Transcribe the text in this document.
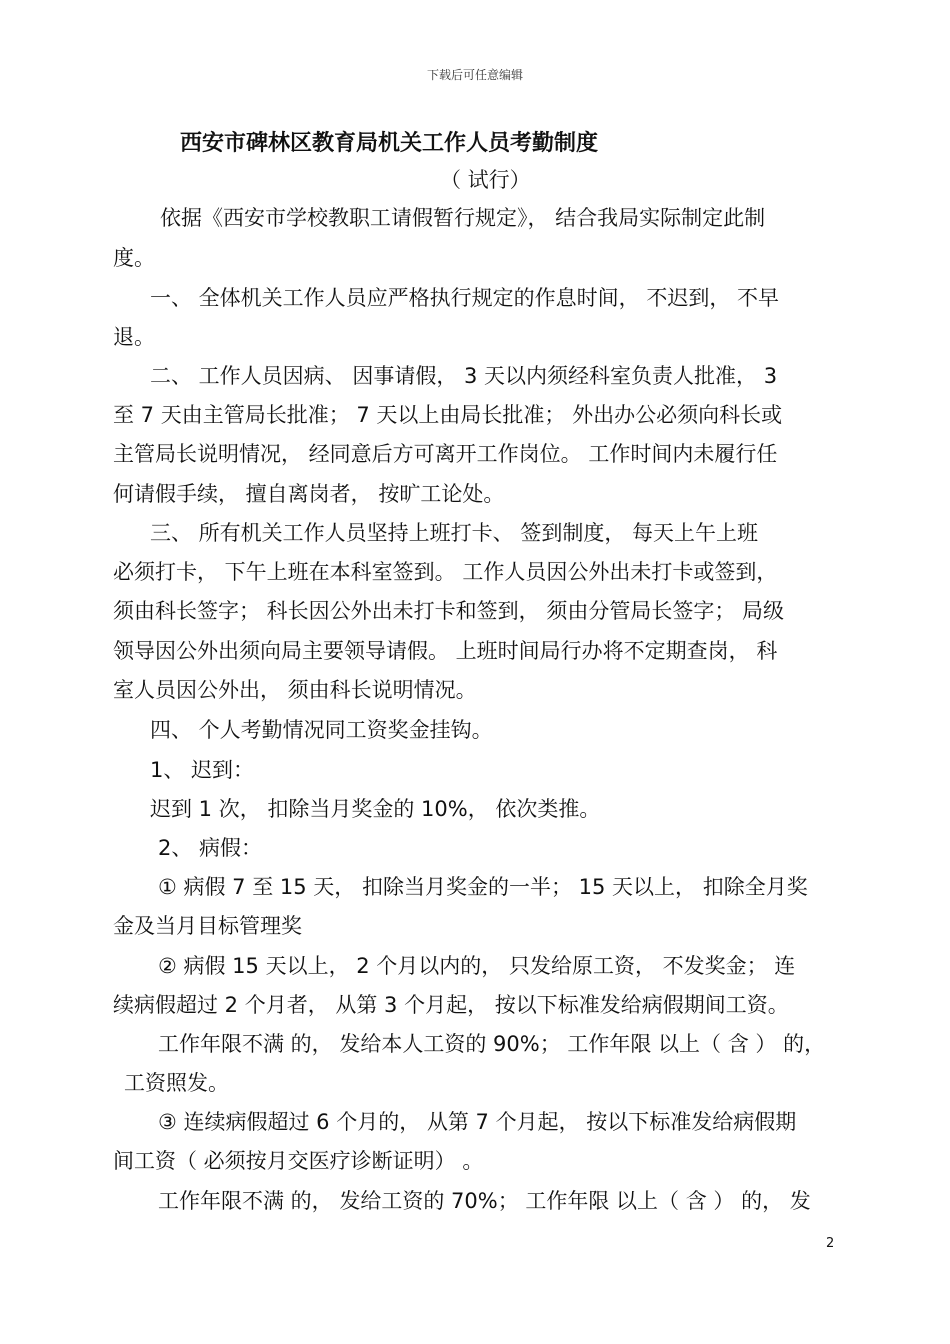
下载后可任意编辑
西安市碑林区教育局机关工作人员考勤制度
（ 试行）
依据《西安市学校教职工请假暂行规定》， 结合我局实际制定此制
度。
一、 全体机关工作人员应严格执行规定的作息时间， 不迟到， 不早
退。
二、 工作人员因病、 因事请假， 3 天以内须经科室负责人批准， 3
至 7 天由主管局长批准； 7 天以上由局长批准； 外出办公必须向科长或
主管局长说明情况， 经同意后方可离开工作岗位。 工作时间内未履行任
何请假手续， 擅自离岗者， 按旷工论处。
三、 所有机关工作人员坚持上班打卡、 签到制度， 每天上午上班
必须打卡， 下午上班在本科室签到。 工作人员因公外出未打卡或签到，
须由科长签字； 科长因公外出未打卡和签到， 须由分管局长签字； 局级
领导因公外出须向局主要领导请假。 上班时间局行办将不定期查岗， 科
室人员因公外出， 须由科长说明情况。
四、 个人考勤情况同工资奖金挂钩。
1、 迟到：
迟到 1 次， 扣除当月奖金的 10%， 依次类推。
2、 病假：
① 病假 7 至 15 天， 扣除当月奖金的一半； 15 天以上， 扣除全月奖
金及当月目标管理奖
② 病假 15 天以上， 2 个月以内的， 只发给原工资， 不发奖金； 连
续病假超过 2 个月者， 从第 3 个月起， 按以下标准发给病假期间工资。
工作年限不满 的， 发给本人工资的 90%； 工作年限 以上（ 含 ） 的，
工资照发。
③ 连续病假超过 6 个月的， 从第 7 个月起， 按以下标准发给病假期
间工资（ 必须按月交医疗诊断证明） 。
工作年限不满 的， 发给工资的 70%； 工作年限 以上（ 含 ） 的， 发
2
